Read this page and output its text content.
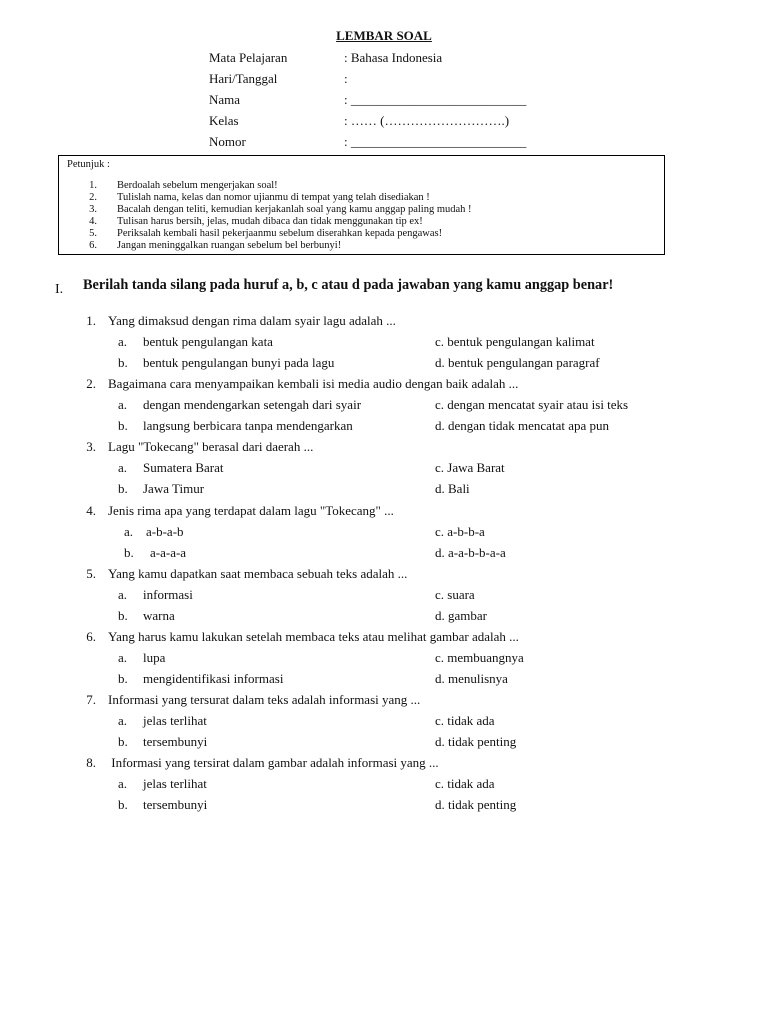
LEMBAR SOAL
Mata Pelajaran	: Bahasa Indonesia
Hari/Tanggal	:
Nama	: ___________________________
Kelas	: …… (……………………….)
Nomor	: ___________________________
Petunjuk :
1. Berdoalah sebelum mengerjakan soal!
2. Tulislah nama, kelas dan nomor ujianmu di tempat yang telah disediakan !
3. Bacalah dengan teliti, kemudian kerjakanlah soal yang kamu anggap paling mudah !
4. Tulisan harus bersih, jelas, mudah dibaca dan tidak menggunakan tip ex!
5. Periksalah kembali hasil pekerjaanmu sebelum diserahkan kepada pengawas!
6. Jangan meninggalkan ruangan sebelum bel berbunyi!
I. Berilah tanda silang pada huruf a, b, c atau d pada jawaban yang kamu anggap benar!
1. Yang dimaksud dengan rima dalam syair lagu adalah ...
a. bentuk pengulangan kata
b. bentuk pengulangan bunyi pada lagu
c. bentuk pengulangan kalimat
d. bentuk pengulangan paragraf
2. Bagaimana cara menyampaikan kembali isi media audio dengan baik adalah ...
a. dengan mendengarkan setengah dari syair
b. langsung berbicara tanpa mendengarkan
c. dengan mencatat syair atau isi teks
d. dengan tidak mencatat apa pun
3. Lagu "Tokecang" berasal dari daerah ...
a. Sumatera Barat
b. Jawa Timur
c. Jawa Barat
d. Bali
4. Jenis rima apa yang terdapat dalam lagu "Tokecang" ...
a. a-b-a-b
b. a-a-a-a
c. a-b-b-a
d. a-a-b-b-a-a
5. Yang kamu dapatkan saat membaca sebuah teks adalah ...
a. informasi
b. warna
c. suara
d. gambar
6. Yang harus kamu lakukan setelah membaca teks atau melihat gambar adalah ...
a. lupa
b. mengidentifikasi informasi
c. membuangnya
d. menulisnya
7. Informasi yang tersurat dalam teks adalah informasi yang ...
a. jelas terlihat
b. tersembunyi
c. tidak ada
d. tidak penting
8. Informasi yang tersirat dalam gambar adalah informasi yang ...
a. jelas terlihat
b. tersembunyi
c. tidak ada
d. tidak penting
